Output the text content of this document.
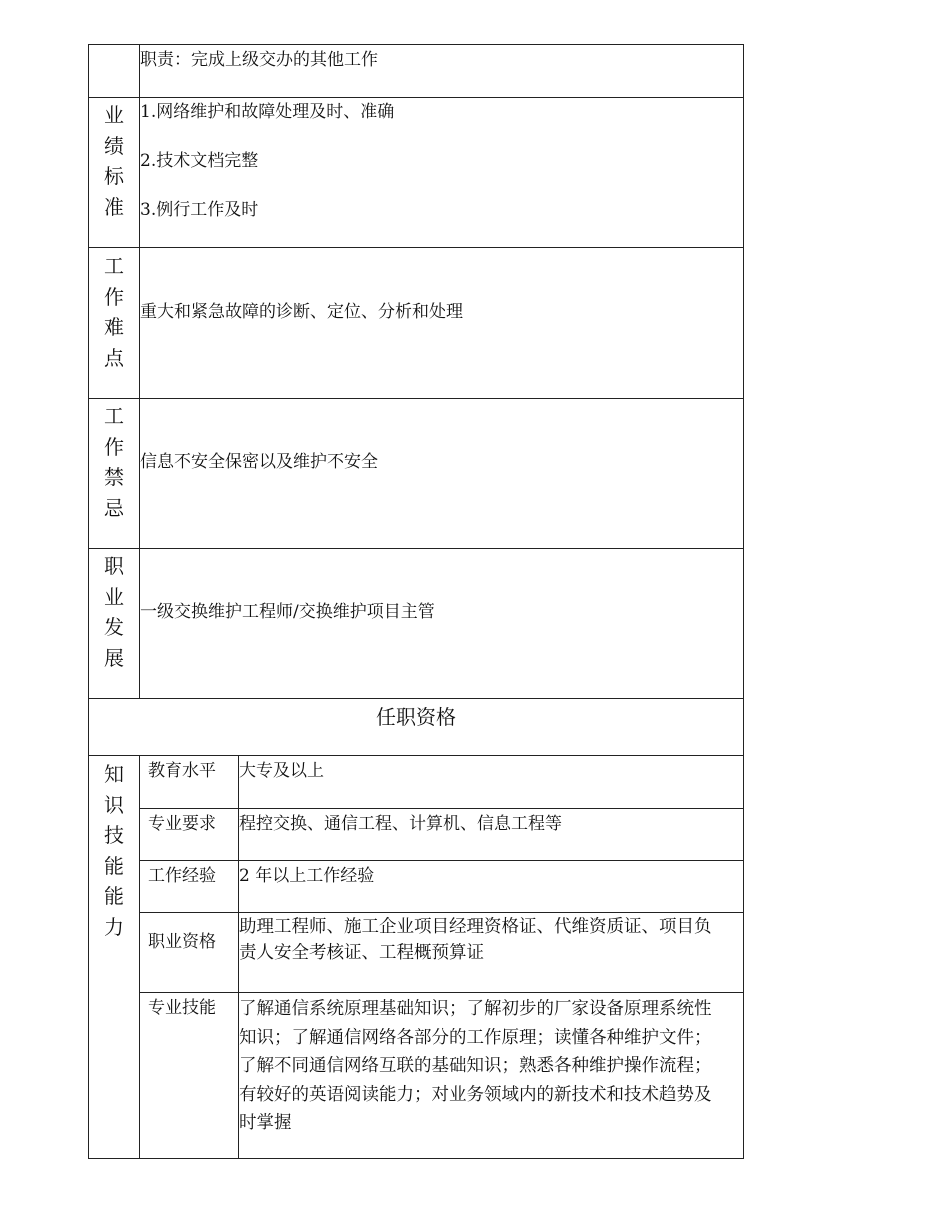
职责：完成上级交办的其他工作
业
绩
标
准
1.网络维护和故障处理及时、准确
2.技术文档完整
3.例行工作及时
工
作
难
点
重大和紧急故障的诊断、定位、分析和处理
工
作
禁
忌
信息不安全保密以及维护不安全
职
业
发
展
一级交换维护工程师/交换维护项目主管
任职资格
知
识
技
能
能
力
教育水平 大专及以上
专业要求 程控交换、通信工程、计算机、信息工程等
工作经验 2 年以上工作经验
职业资格
助理工程师、施工企业项目经理资格证、代维资质证、项目负责人安全考核证、工程概预算证
专业技能 了解通信系统原理基础知识；了解初步的厂家设备原理系统性知识；了解通信网络各部分的工作原理；读懂各种维护文件；了解不同通信网络互联的基础知识；熟悉各种维护操作流程；有较好的英语阅读能力；对业务领域内的新技术和技术趋势及时掌握
